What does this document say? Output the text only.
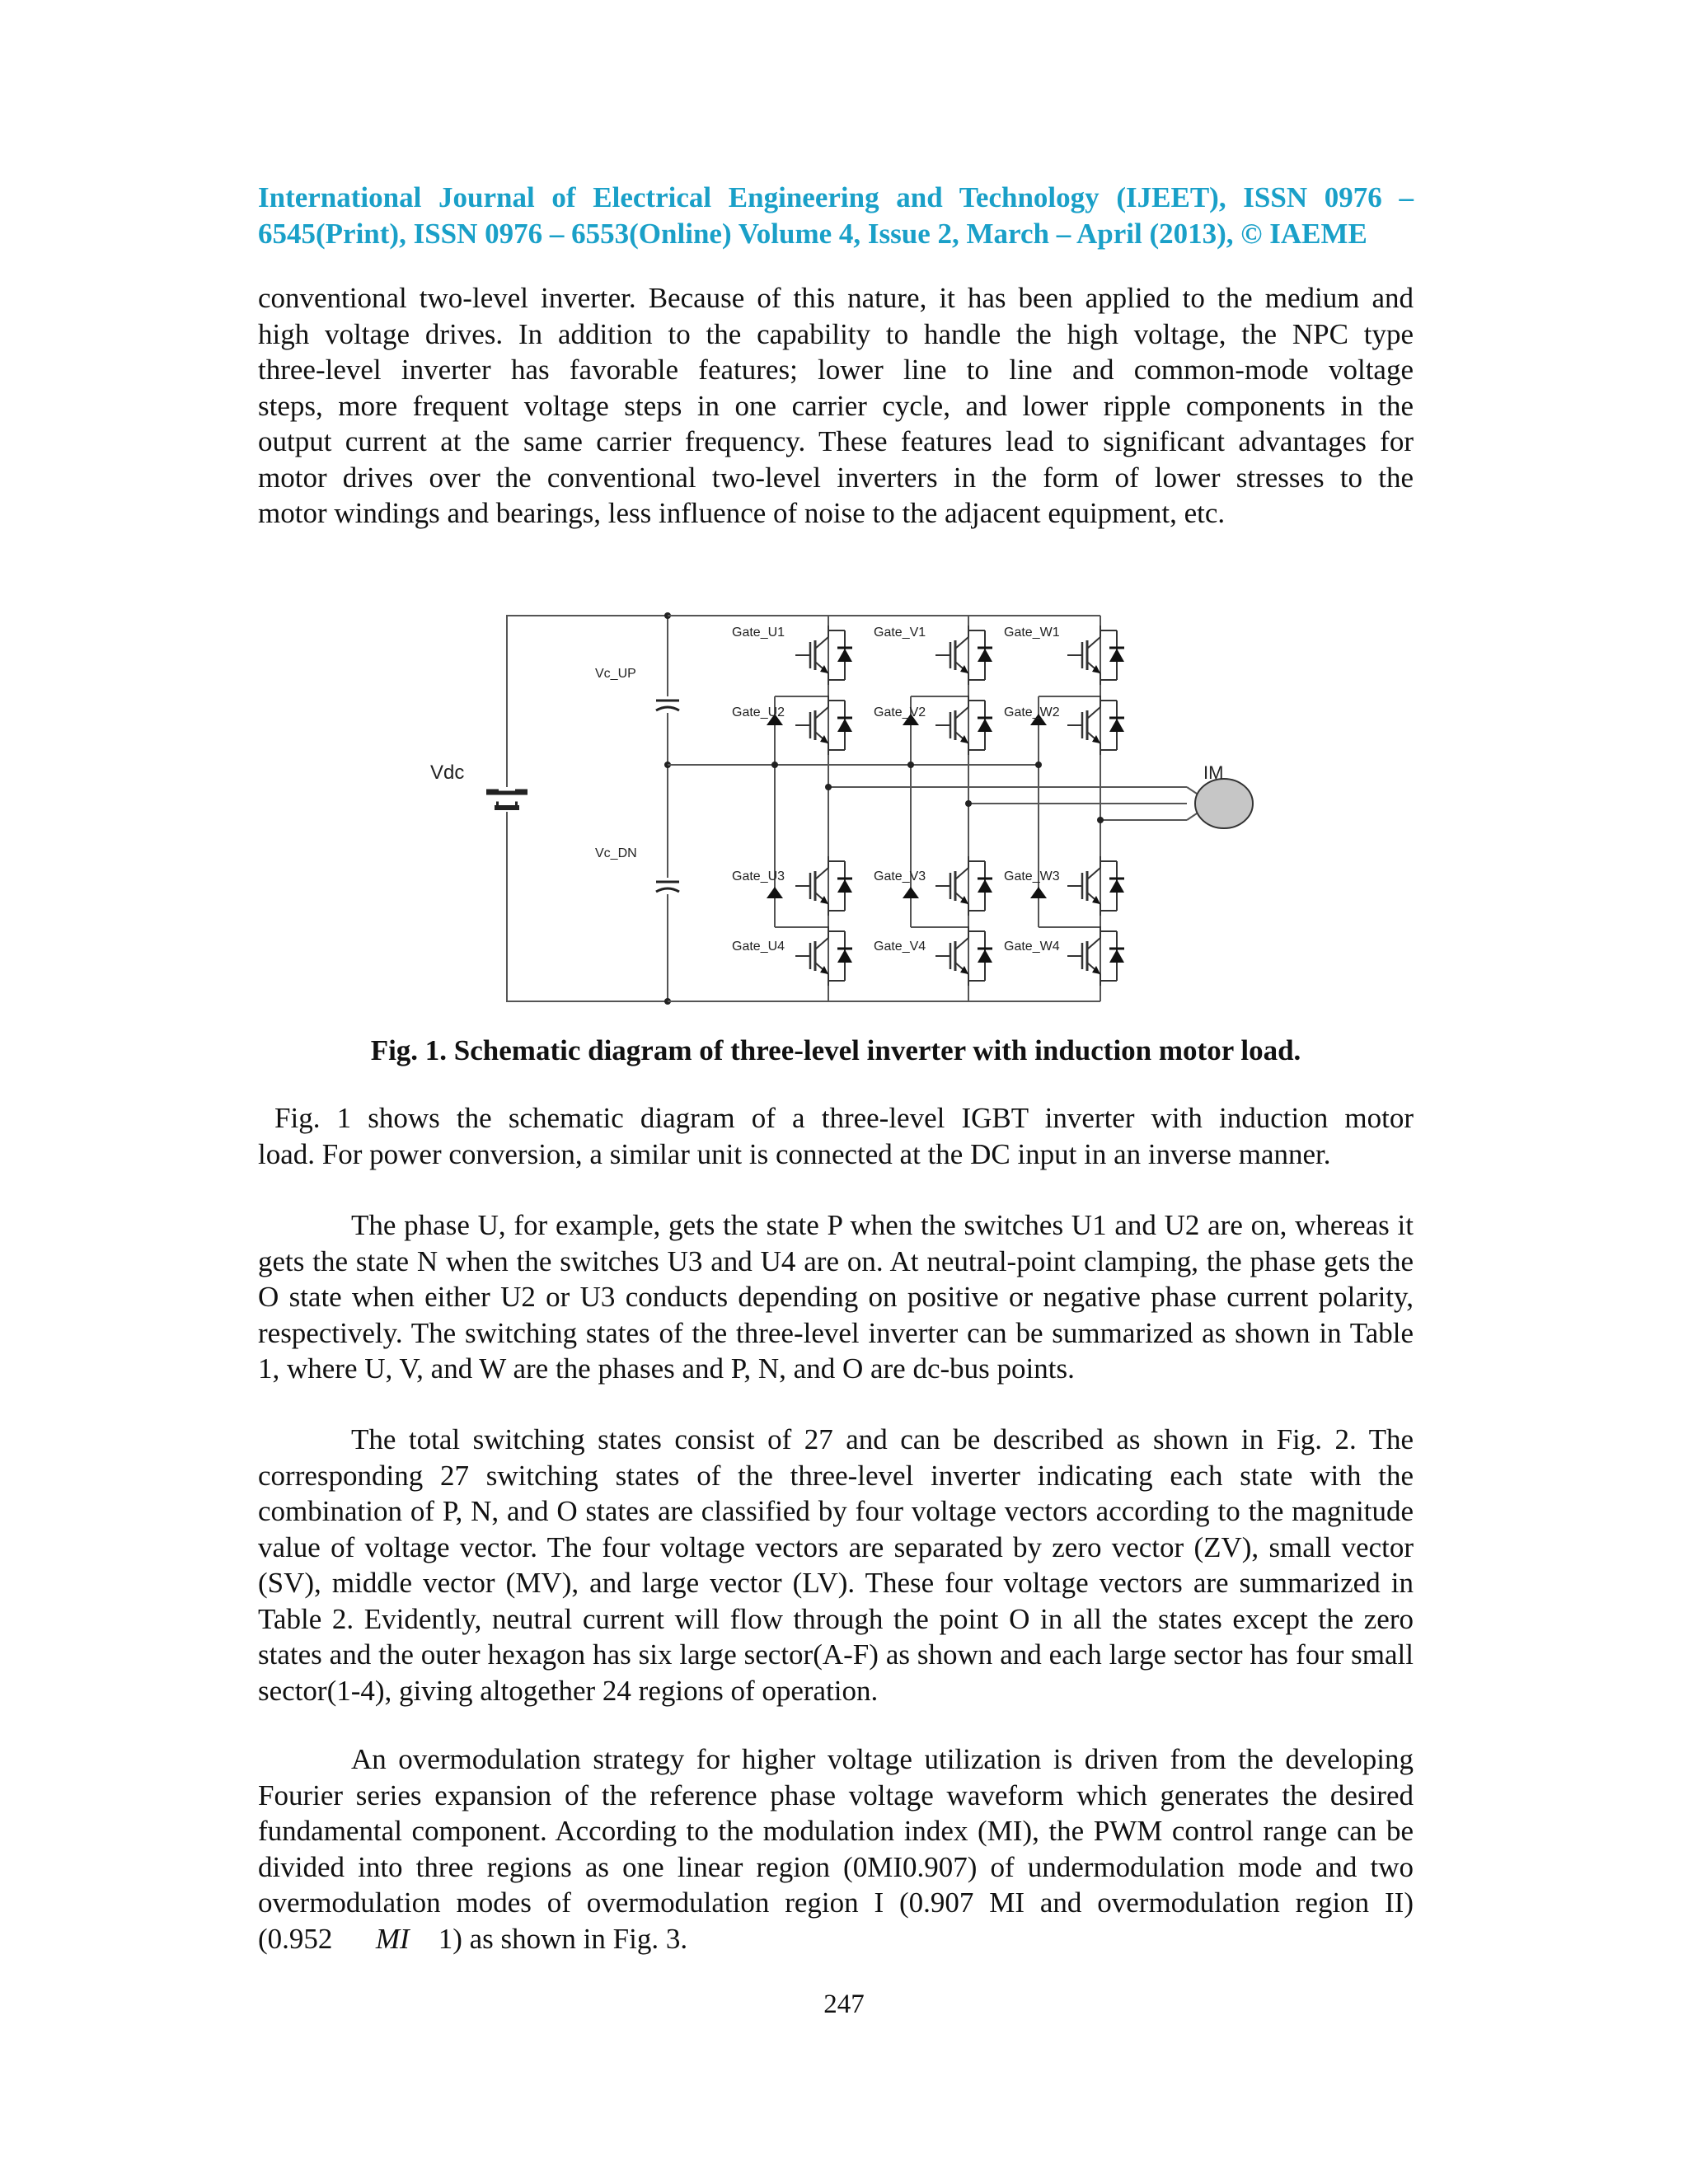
International Journal of Electrical Engineering and Technology (IJEET), ISSN 0976 –
6545(Print), ISSN 0976 – 6553(Online) Volume 4, Issue 2, March – April (2013), © IAEME
conventional two-level inverter. Because of this nature, it has been applied to the medium and
high voltage drives. In addition to the capability to handle the high voltage, the NPC type
three-level inverter has favorable features; lower line to line and common-mode voltage
steps, more frequent voltage steps in one carrier cycle, and lower ripple components in the
output current at the same carrier frequency. These features lead to significant advantages for
motor drives over the conventional two-level inverters in the form of lower stresses to the
motor windings and bearings, less influence of noise to the adjacent equipment, etc.
Vdc
Vc_UP
Vc_DN
IM
Gate_U1	Gate_V1	Gate_W1
Gate_U2	Gate_V2	Gate_W2
Gate_U3	Gate_V3	Gate_W3
Gate_U4	Gate_V4	Gate_W4
Fig. 1. Schematic diagram of three-level inverter with induction motor load.
Fig. 1 shows the schematic diagram of a three-level IGBT inverter with induction motor
load. For power conversion, a similar unit is connected at the DC input in an inverse manner.

The phase U, for example, gets the state P when the switches U1 and U2 are on, whereas it gets the state N when the switches U3 and U4 are on. At neutral-point clamping, the phase gets the O state when either U2 or U3 conducts depending on positive or negative phase current polarity, respectively. The switching states of the three-level inverter can be summarized as shown in Table 1, where U, V, and W are the phases and P, N, and O are dc-bus points.

The total switching states consist of 27 and can be described as shown in Fig. 2. The corresponding 27 switching states of the three-level inverter indicating each state with the combination of P, N, and O states are classified by four voltage vectors according to the magnitude value of voltage vector. The four voltage vectors are separated by zero vector (ZV), small vector (SV), middle vector (MV), and large vector (LV). These four voltage vectors are summarized in Table 2. Evidently, neutral current will flow through the point O in all the states except the zero states and the outer hexagon has six large sector(A-F) as shown and each large sector has four small sector(1-4), giving altogether 24 regions of operation.

An overmodulation strategy for higher voltage utilization is driven from the developing Fourier series expansion of the reference phase voltage waveform which generates the desired fundamental component. According to the modulation index (MI), the PWM control range can be divided into three regions as one linear region (0MI0.907) of undermodulation mode and two overmodulation modes of overmodulation region I (0.907 MI and overmodulation region II) (0.952 MI 1) as shown in Fig. 3.

247
